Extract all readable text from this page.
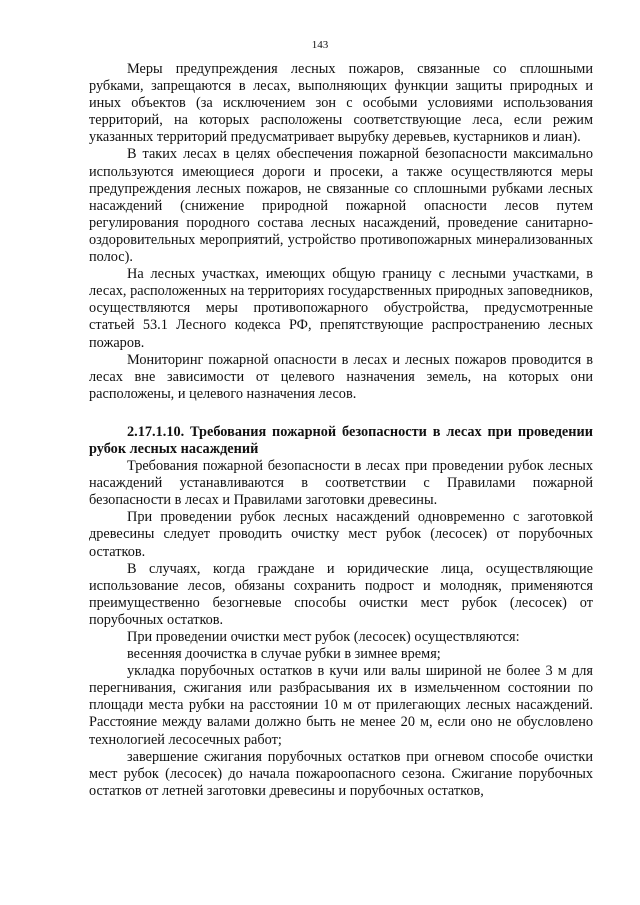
143

Меры предупреждения лесных пожаров, связанные со сплошными рубками, запрещаются в лесах, выполняющих функции защиты природных и иных объектов (за исключением зон с особыми условиями использования территорий, на которых расположены соответствующие леса, если режим указанных территорий предусматривает вырубку деревьев, кустарников и лиан).

В таких лесах в целях обеспечения пожарной безопасности максимально используются имеющиеся дороги и просеки, а также осуществляются меры предупреждения лесных пожаров, не связанные со сплошными рубками лесных насаждений (снижение природной пожарной опасности лесов путем регулирования породного состава лесных насаждений, проведение санитарно-оздоровительных мероприятий, устройство противопожарных минерализованных полос).

На лесных участках, имеющих общую границу с лесными участками, в лесах, расположенных на территориях государственных природных заповедников, осуществляются меры противопожарного обустройства, предусмотренные статьей 53.1 Лесного кодекса РФ, препятствующие распространению лесных пожаров.

Мониторинг пожарной опасности в лесах и лесных пожаров проводится в лесах вне зависимости от целевого назначения земель, на которых они расположены, и целевого назначения лесов.

2.17.1.10. Требования пожарной безопасности в лесах при проведении рубок лесных насаждений

Требования пожарной безопасности в лесах при проведении рубок лесных насаждений устанавливаются в соответствии с Правилами пожарной безопасности в лесах и Правилами заготовки древесины.

При проведении рубок лесных насаждений одновременно с заготовкой древесины следует проводить очистку мест рубок (лесосек) от порубочных остатков.

В случаях, когда граждане и юридические лица, осуществляющие использование лесов, обязаны сохранить подрост и молодняк, применяются преимущественно безогневые способы очистки мест рубок (лесосек) от порубочных остатков.

При проведении очистки мест рубок (лесосек) осуществляются:

весенняя доочистка в случае рубки в зимнее время;

укладка порубочных остатков в кучи или валы шириной не более 3 м для перегнивания, сжигания или разбрасывания их в измельченном состоянии по площади места рубки на расстоянии 10 м от прилегающих лесных насаждений. Расстояние между валами должно быть не менее 20 м, если оно не обусловлено технологией лесосечных работ;

завершение сжигания порубочных остатков при огневом способе очистки мест рубок (лесосек) до начала пожароопасного сезона. Сжигание порубочных остатков от летней заготовки древесины и порубочных остатков,
